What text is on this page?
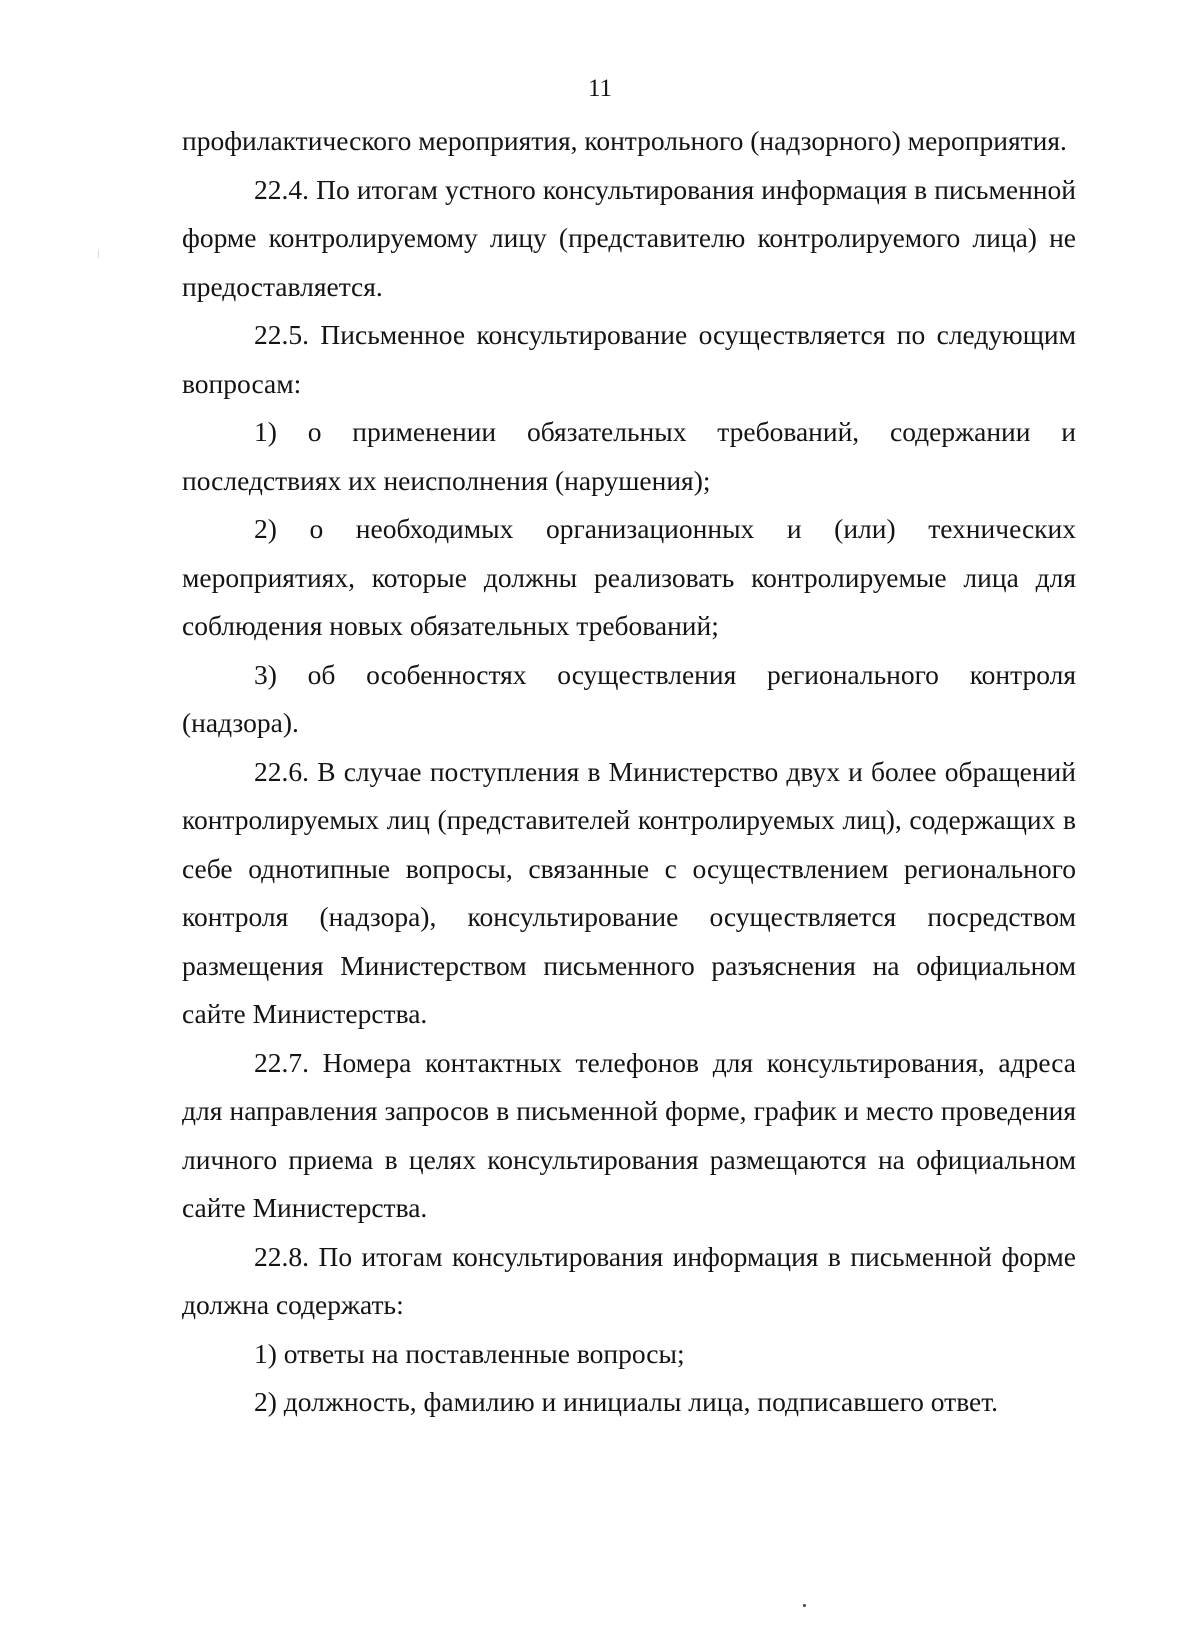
11

профилактического мероприятия, контрольного (надзорного) мероприятия.

22.4. По итогам устного консультирования информация в письменной форме контролируемому лицу (представителю контролируемого лица) не предоставляется.

22.5. Письменное консультирование осуществляется по следующим вопросам:

1) о применении обязательных требований, содержании и последствиях их неисполнения (нарушения);

2) о необходимых организационных и (или) технических мероприятиях, которые должны реализовать контролируемые лица для соблюдения новых обязательных требований;

3) об особенностях осуществления регионального контроля (надзора).

22.6. В случае поступления в Министерство двух и более обращений контролируемых лиц (представителей контролируемых лиц), содержащих в себе однотипные вопросы, связанные с осуществлением регионального контроля (надзора), консультирование осуществляется посредством размещения Министерством письменного разъяснения на официальном сайте Министерства.

22.7. Номера контактных телефонов для консультирования, адреса для направления запросов в письменной форме, график и место проведения личного приема в целях консультирования размещаются на официальном сайте Министерства.

22.8. По итогам консультирования информация в письменной форме должна содержать:

1) ответы на поставленные вопросы;

2) должность, фамилию и инициалы лица, подписавшего ответ.
